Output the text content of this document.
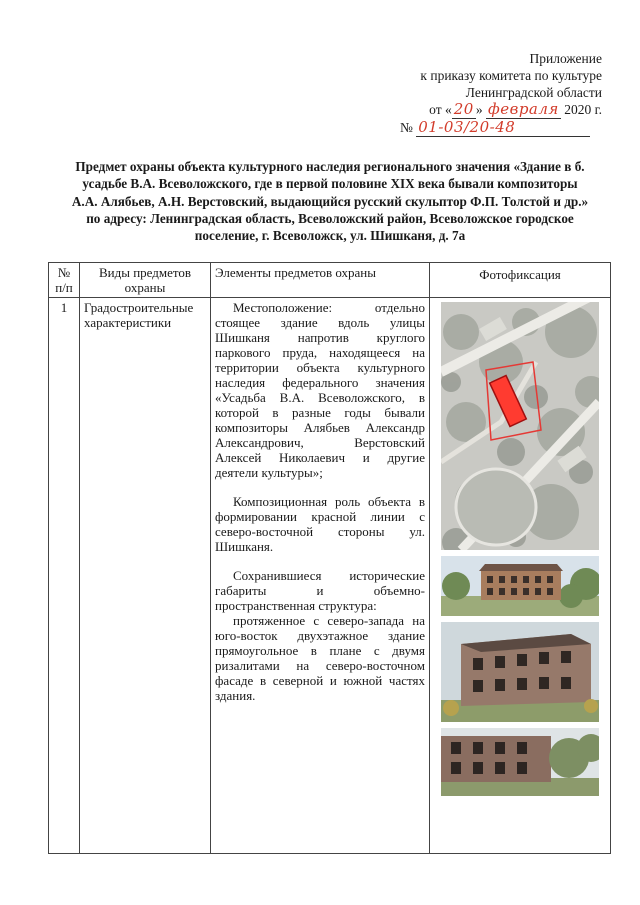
Приложение
к приказу комитета по культуре
Ленинградской области
от « 20 » февраля 2020 г.
№ 01-03/20-48
Предмет охраны объекта культурного наследия регионального значения «Здание в б. усадьбе В.А. Всеволожского, где в первой половине XIX века бывали композиторы А.А. Алябьев, А.Н. Верстовский, выдающийся русский скульптор Ф.П. Толстой и др.» по адресу: Ленинградская область, Всеволожский район, Всеволожское городское поселение, г. Всеволожск, ул. Шишканя, д. 7а
№ п/п	Виды предметов охраны	Элементы предметов охраны	Фотофиксация
1	Градостроительные характеристики	Местоположение: отдельно стоящее здание вдоль улицы Шишканя напротив круглого паркового пруда, находящееся на территории объекта культурного наследия федерального значения «Усадьба В.А. Всеволожского, в которой в разные годы бывали композиторы Алябьев Александр Александрович, Верстовский Алексей Николаевич и другие деятели культуры»;

Композиционная роль объекта в формировании красной линии с северо-восточной стороны ул. Шишканя.

Сохранившиеся исторические габариты и объемно-пространственная структура:

протяженное с северо-запада на юго-восток двухэтажное здание прямоугольное в плане с двумя ризалитами на северо-восточном фасаде в северной и южной частях здания.
